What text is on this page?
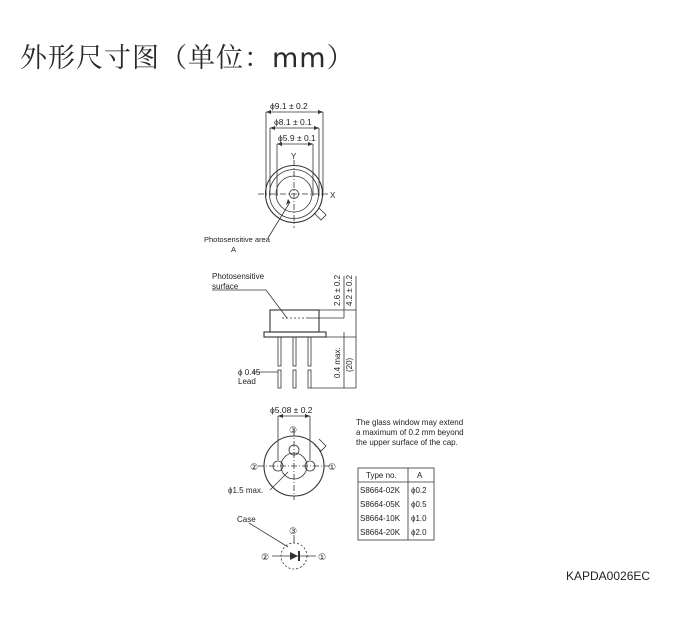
外形尺寸图（单位：mm）
ϕ9.1 ± 0.2
ϕ8.1 ± 0.1
ϕ5.9 ± 0.1
Y
X
Photosensitive area
A
Photosensitive
surface	2.6 ± 0.2 4.2 ± 0.2
0.4 max. (20)
ϕ 0.45
Lead
ϕ5.08 ± 0.2
ϕ1.5 max.
②	①
③
The glass window may extend
a maximum of 0.2 mm beyond
the upper surface of the cap.
Type no.	A
S8664-02K ϕ0.2
S8664-05K ϕ0.5
S8664-10K ϕ1.0
S8664-20K ϕ2.0
Case
③
②	①
KAPDA0026EC
